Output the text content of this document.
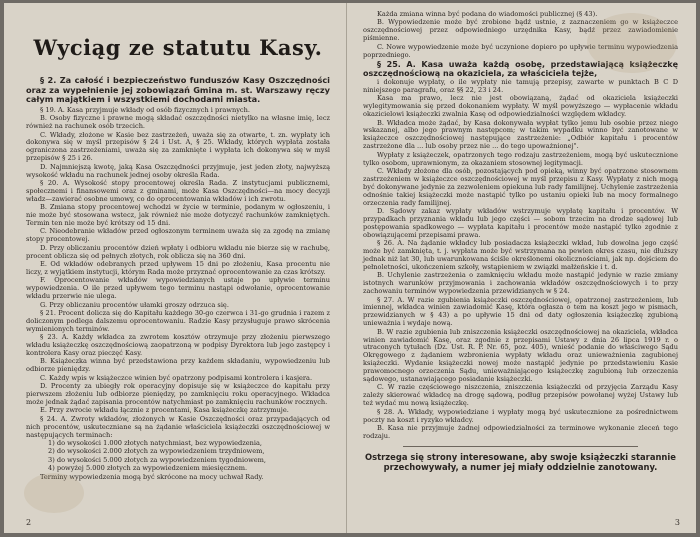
Wyciąg ze statutu Kasy.
§ 2. Za całość i bezpieczeństwo funduszów Kasy Oszczędności oraz za wypełnienie jej zobowiązań Gmina m. st. Warszawy ręczy całym majątkiem i wszystkiemi dochodami miasta.
§ 19. A. Kasa przyjmuje wkłady od osób fizycznych i prawnych.
B. Osoby fizyczne i prawne mogą składać oszczędności nietylko na własne imię, lecz również na rachunek osób trzecich.
C. Wkłady, złożone w Kasie bez zastrzeżeń, uważa się za otwarte, t. zn. wypłaty ich dokonywa się w myśl przepisów § 24 i Ust. A, § 25. Wkłady, których wypłata została ograniczona zastrzeżeniami, uważa się za zamknięte i wypłata ich dokonywa się w myśl przepisów § 25 i 26.
D. Najmniejszą kwotę, jaką Kasa Oszczędności przyjmuje, jest jeden złoty, najwyższą wysokość wkładu na rachunek jednej osoby określa Rada.
§ 20. A. Wysokość stopy procentowej określa Rada. Z instytucjami publicznemi, społecznemi i finansowemi oraz z gminami, może Kasa Oszczędności—na mocy decyzji władz—zawierać osobne umowy, co do oprocentowania wkładów i ich zwrotu.
B. Zmiana stopy procentowej wchodzi w życie w terminie, podanym w ogłoszeniu, i nie może być stosowana wstecz, jak również nie może dotyczyć rachunków zamkniętych. Termin ten nie może być krótszy od 15 dni.
C. Nieodebranie wkładów przed ogłoszonym terminem uważa się za zgodę na zmianę stopy procentowej.
D. Przy obliczaniu procentów dzień wpłaty i odbioru wkładu nie bierze się w rachubę, procent oblicza się od pełnych złotych, rok oblicza się na 360 dni.
E. Od wkładów odebranych przed upływem 15 dni po złożeniu, Kasa procentu nie liczy, z wyjątkiem instytucji, którym Rada może przyznać oprocentowanie za czas krótszy.
F. Oprocentowanie wkładów wypowiedzianych ustaje po upływie terminu wypowiedzenia. O ile przed upływem tego terminu nastąpi odwołanie, oprocentowanie wkładu przerwie nie ulega.
G. Przy obliczaniu procentów ułamki groszy odrzuca się.
§ 21. Procent dolicza się do Kapitału każdego 30-go czerwca i 31-go grudnia i razem z doliczonym podlega dalszemu oprocentowaniu. Radzie Kasy przysługuje prawo skrócenia wymienionych terminów.
§ 23. A. Każdy wkładca za zwrotem kosztów otrzymuje przy złożeniu pierwszego wkładu książeczkę oszczędnościową zaopatrzoną w podpisy Dyrektora lub jego zastępcy i kontrolera Kasy oraz pieczęć Kasy.
B. Książeczka winna być przedstawiona przy każdem składaniu, wypowiedzeniu lub odbiorze pieniędzy.
C. Każdy wpis w książeczce winien być opatrzony podpisami kontrolera i kasjera.
D. Procenty za ubiegły rok operacyjny dopisuje się w książeczce do kapitału przy pierwszem złożeniu lub odbiorze pieniędzy, po zamknięciu roku operacyjnego. Wkładca może jednak żądać zapisania procentów natychmiast po zamknięciu rachunków rocznych.
E. Przy zwrocie wkładu łącznie z procentami, Kasa książeczkę zatrzymuje.
§ 24. A. Zwroty wkładów, złożonych w Kasie Oszczędności oraz przypadających od nich procentów, uskuteczniane są na żądanie właściciela książeczki oszczędnościowej w następujących terminach:
1) do wysokości 1.000 złotych natychmiast, bez wypowiedzenia,
2) do wysokości 2.000 złotych za wypowiedzeniem trzydniowem,
3) do wysokości 5.000 złotych za wypowiedzeniem tygodniowem,
4) powyżej 5.000 złotych za wypowiedzeniem miesięcznem.
Terminy wypowiedzenia mogą być skrócone na mocy uchwał Rady.
2
Każda zmiana winna być podana do wiadomości publicznej (§ 43).
B. Wypowiedzenie może być zrobione bądź ustnie, z zaznaczeniem go w książeczce oszczędnościowej przez odpowiedniego urzędnika Kasy, bądź przez zawiadomienie piśmienne.
C. Nowe wypowiedzenie może być uczynione dopiero po upływie terminu wypowiedzenia poprzedniego.
§ 25. A. Kasa uważa każdą osobę, przedstawiającą książeczkę oszczędnościową na okaziciela, za właściciela tejże,
i dokonuje wypłaty, o ile wypłaty nie tamują przepisy, zawarte w punktach B C D niniejszego paragrafu, oraz §§ 22, 23 i 24.
Kasa ma prawo, lecz nie jest obowiązaną, żądać od okaziciela książeczki wylegitymowania się przed dokonaniem wypłaty. W myśl powyższego — wypłacenie wkładu okazicielowi książeczki zwalnia Kasę od odpowiedzialności względem wkładcy.
B. Wkładca może żądać, by Kasa dokonywała wypłat tylko jemu lub osobie przez niego wskazanej, albo jego prawnym następcom; w takim wypadku winno być zanotowane w książeczce oszczędnościowej następujące zastrzeżenie: „Odbiór kapitału i procentów zastrzeżone dla ... lub osoby przez nie ... do tego upoważnionej".
Wypłaty z książeczek, opatrzonych tego rodzaju zastrzeżeniem, mogą być uskutecznione tylko osobom, uprawnionym, za okazaniem stosownej legitymacji.
C. Wkłady złożone dla osób, pozostających pod opieką, winny być opatrzone stosownem zastrzeżeniem w książeczce oszczędnościowej w myśl przepisu z Kasy. Wypłaty z nich mogą być dokonywane jedynie za zezwoleniem opiekuna lub rady familijnej. Uchylenie zastrzeżenia odnośnie takiej książeczki może nastąpić tylko po ustaniu opieki lub na mocy formalnego orzeczenia rady familijnej.
D. Sądowy zakaz wypłaty wkładów wstrzymuje wypłatę kapitału i procentów. W przypadkach przyznania wkładu lub jego części — sobom trzecim na drodze sądowej lub postępowania spadkowego — wypłata kapitału i procentów może nastąpić tylko zgodnie z obowiązującemi przepisami prawa.
§ 26. A. Na żądanie wkładcy lub posiadacza książeczki wkład, lub dowolna jego część może być zamknięta, t. j. wypłata może być wstrzymana na pewien okres czasu, nie dłuższy jednak niż lat 30, lub uwarunkowana ściśle określonemi okolicznościami, jak np. dojściem do pełnoletności, ukończeniem szkoły, wstąpieniem w związki małżeńskie i t. d.
B. Uchylenie zastrzeżenia o zamknięciu wkładu może nastąpić jedynie w razie zmiany istotnych warunków przyjmowania i zachowania wkładów oszczędnościowych i to przy zachowaniu terminów wypowiedzenia przewidzianych w § 24.
§ 27. A. W razie zgubienia książeczki oszczędnościowej, opatrzonej zastrzeżeniem, lub imiennej, wkładca winien zawiadomić Kasę, która ogłasza o tem na koszt jego w pismach, przewidzianych w § 43) a po upływie 15 dni od daty ogłoszenia książeczkę zgubioną unieważnia i wydaje nową.
B. W razie zgubienia lub zniszczenia książeczki oszczędnościowej na okaziciela, wkładca winien zawiadomić Kasę, oraz zgodnie z przepisami Ustawy z dnia 26 lipca 1919 r. o utraconych tytułach (Dz. Ust. R. P. Nr. 65, poz. 405), wnieść podanie do właściwego Sądu Okręgowego z żądaniem wzbronienia wypłaty wkładu oraz unieważnienia zagubionej książeczki. Wydanie książeczki nowej może nastąpić jedynie po przedstawieniu Kasie prawomocnego orzeczenia Sądu, unieważniającego książeczkę zagubioną lub orzeczenia sądowego, ustanawiającego posiadanie książeczki.
C. W razie częściowego niszczenia, zniszczenia książeczki od przyjęcia Zarządu Kasy zależy skierować wkładcę na drogę sądową, podług przepisów powołanej wyżej Ustawy lub też wydać mu nową książeczkę.
§ 28. A. Wkłady, wypowiedziane i wypłaty mogą być uskutecznione za pośrednictwem poczty na koszt i ryzyko wkładcy.
B. Kasa nie przyjmuje żadnej odpowiedzialności za terminowe wykonanie zleceń tego rodzaju.
Ostrzega się strony interesowane, aby swoje książeczki starannie przechowywały, a numer jej miały oddzielnie zanotowany.
3
